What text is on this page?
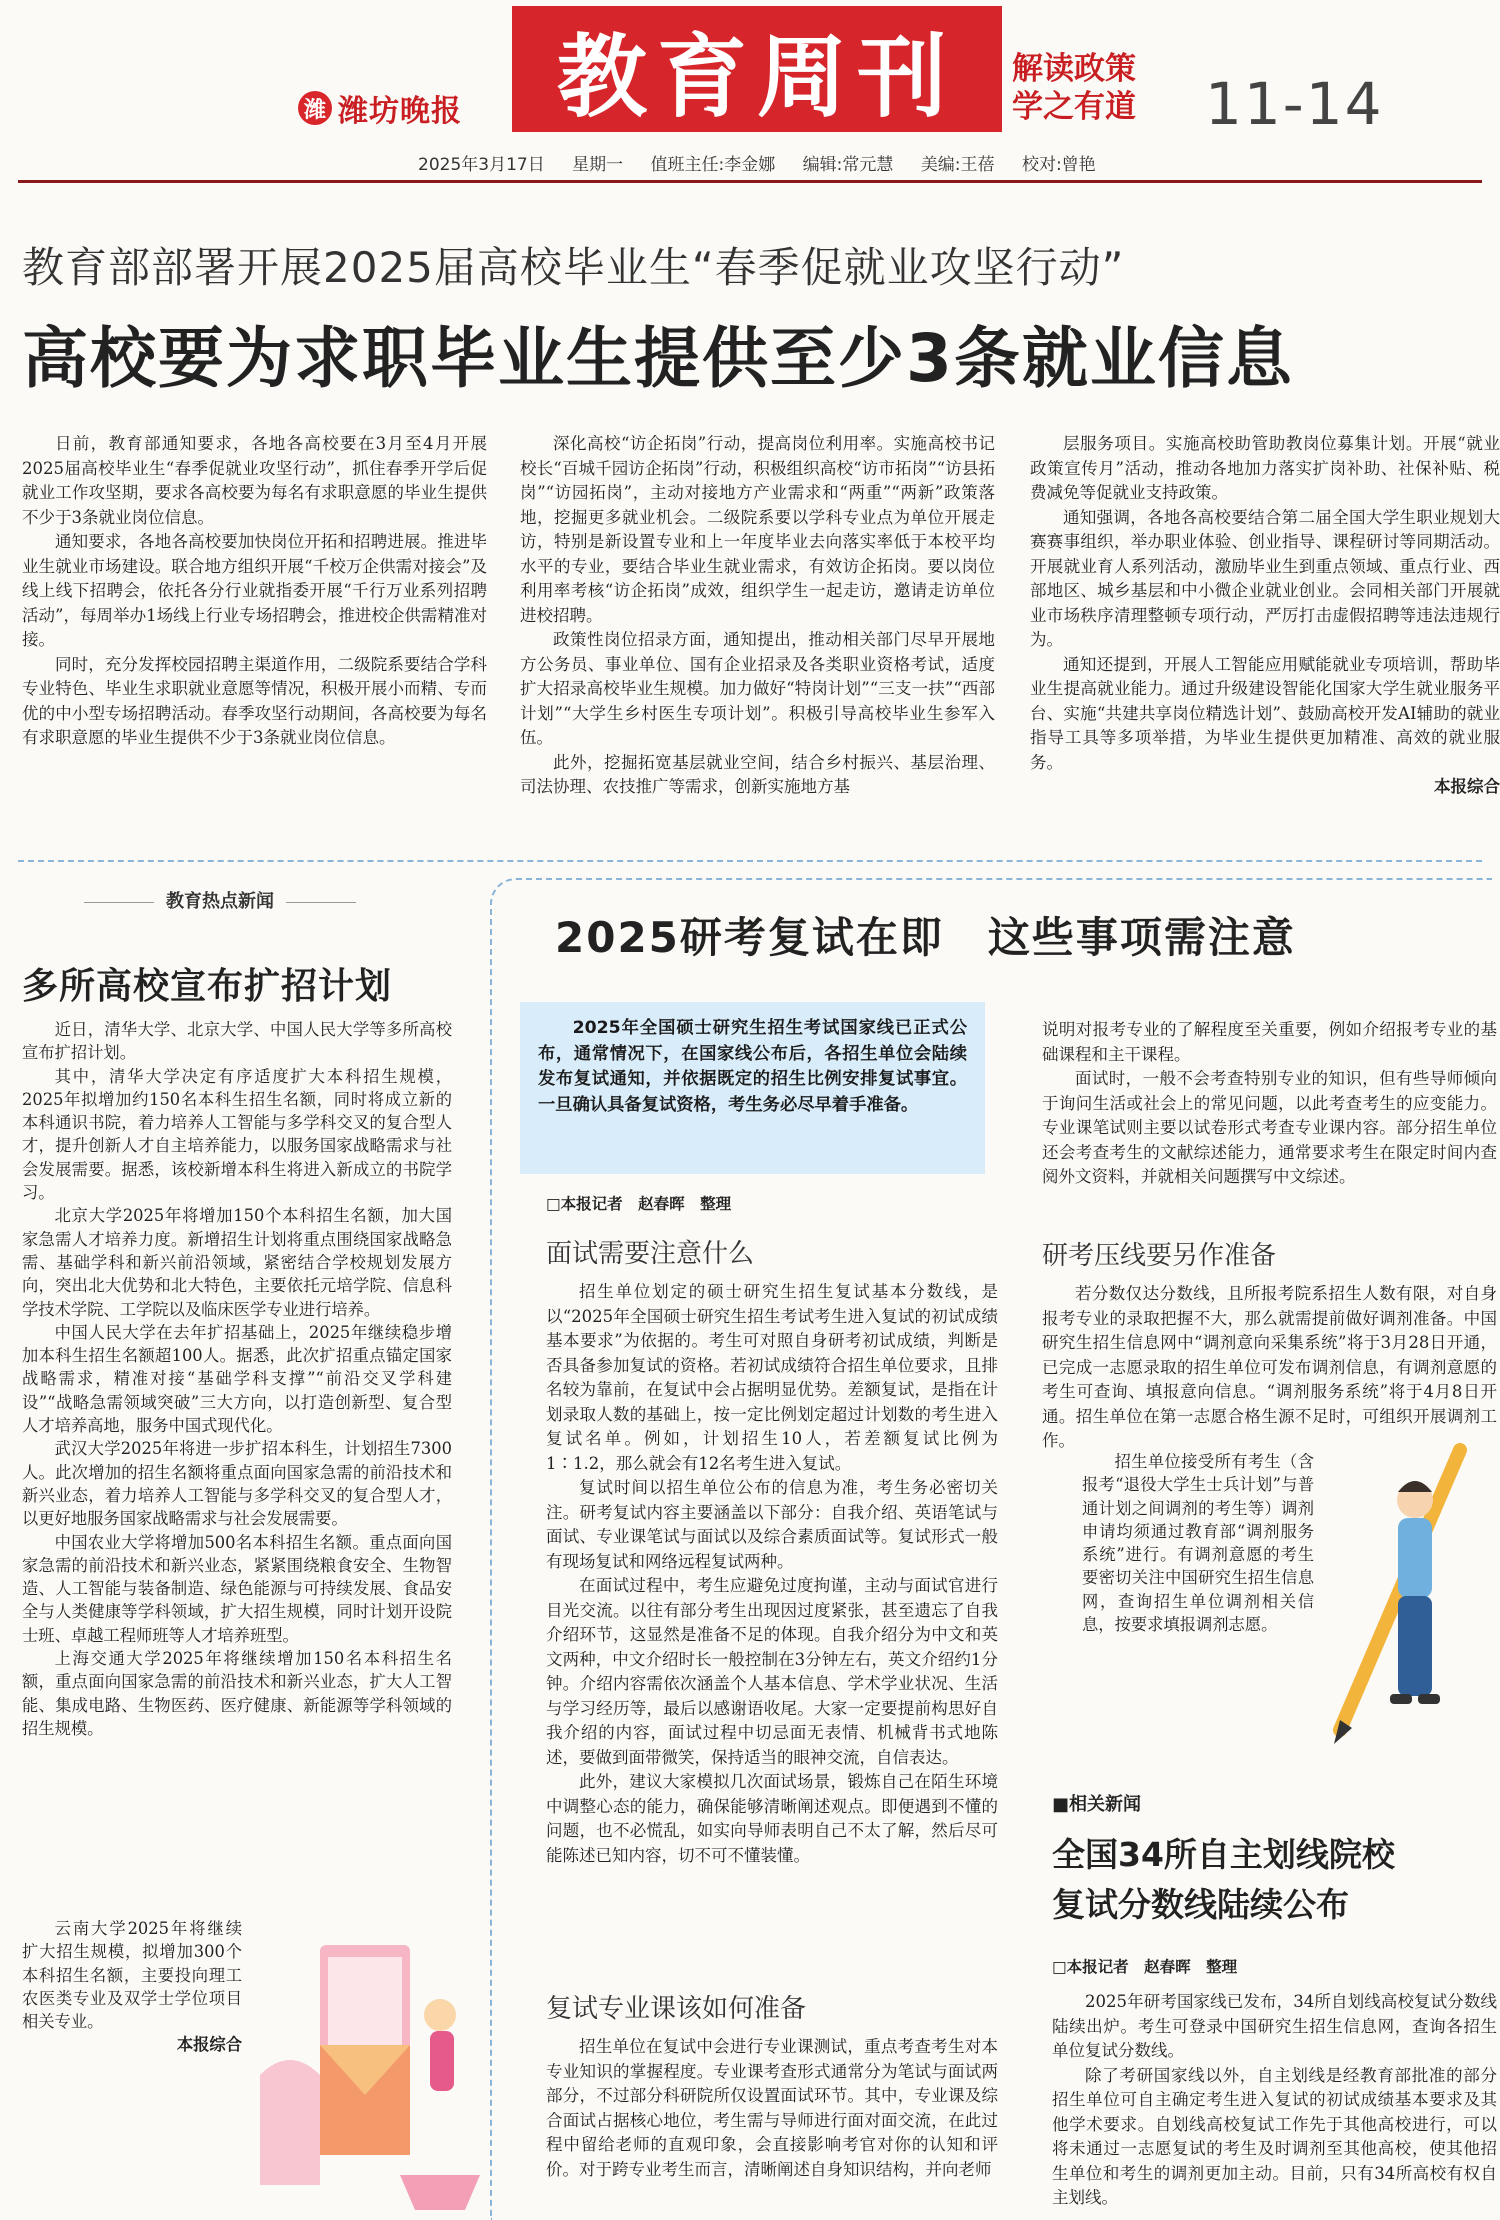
潍 潍坊晚报	教育周刊	解读政策
学之有道 11-14
2025年3月17日 星期一 值班主任:李金娜 编辑:常元慧 美编:王蓓 校对:曾艳
教育部部署开展2025届高校毕业生“春季促就业攻坚行动”
高校要为求职毕业生提供至少3条就业信息

日前，教育部通知要求，各地各高校要在3月至4月开展2025届高校毕业生“春季促就业攻坚行动”，抓住春季开学后促就业工作攻坚期，要求各高校要为每名有求职意愿的毕业生提供不少于3条就业岗位信息。

通知要求，各地各高校要加快岗位开拓和招聘进展。推进毕业生就业市场建设。联合地方组织开展“千校万企供需对接会”及线上线下招聘会，依托各分行业就指委开展“千行万业系列招聘活动”，每周举办1场线上行业专场招聘会，推进校企供需精准对接。

同时，充分发挥校园招聘主渠道作用，二级院系要结合学科专业特色、毕业生求职就业意愿等情况，积极开展小而精、专而优的中小型专场招聘活动。春季攻坚行动期间，各高校要为每名有求职意愿的毕业生提供不少于3条就业岗位信息。

深化高校“访企拓岗”行动，提高岗位利用率。实施高校书记校长“百城千园访企拓岗”行动，积极组织高校“访市拓岗”“访县拓岗”“访园拓岗”，主动对接地方产业需求和“两重”“两新”政策落地，挖掘更多就业机会。二级院系要以学科专业点为单位开展走访，特别是新设置专业和上一年度毕业去向落实率低于本校平均水平的专业，要结合毕业生就业需求，有效访企拓岗。要以岗位利用率考核“访企拓岗”成效，组织学生一起走访，邀请走访单位进校招聘。

政策性岗位招录方面，通知提出，推动相关部门尽早开展地方公务员、事业单位、国有企业招录及各类职业资格考试，适度扩大招录高校毕业生规模。加力做好“特岗计划”“三支一扶”“西部计划”“大学生乡村医生专项计划”。积极引导高校毕业生参军入伍。

此外，挖掘拓宽基层就业空间，结合乡村振兴、基层治理、司法协理、农技推广等需求，创新实施地方基

层服务项目。实施高校助管助教岗位募集计划。开展“就业政策宣传月”活动，推动各地加力落实扩岗补助、社保补贴、税费减免等促就业支持政策。

通知强调，各地各高校要结合第二届全国大学生职业规划大赛赛事组织，举办职业体验、创业指导、课程研讨等同期活动。开展就业育人系列活动，激励毕业生到重点领域、重点行业、西部地区、城乡基层和中小微企业就业创业。会同相关部门开展就业市场秩序清理整顿专项行动，严厉打击虚假招聘等违法违规行为。

通知还提到，开展人工智能应用赋能就业专项培训，帮助毕业生提高就业能力。通过升级建设智能化国家大学生就业服务平台、实施“共建共享岗位精选计划”、鼓励高校开发AI辅助的就业指导工具等多项举措，为毕业生提供更加精准、高效的就业服务。

本报综合
教育热点新闻
多所高校宣布扩招计划

近日，清华大学、北京大学、中国人民大学等多所高校宣布扩招计划。

其中，清华大学决定有序适度扩大本科招生规模，2025年拟增加约150名本科生招生名额，同时将成立新的本科通识书院，着力培养人工智能与多学科交叉的复合型人才，提升创新人才自主培养能力，以服务国家战略需求与社会发展需要。据悉，该校新增本科生将进入新成立的书院学习。

北京大学2025年将增加150个本科招生名额，加大国家急需人才培养力度。新增招生计划将重点围绕国家战略急需、基础学科和新兴前沿领域，紧密结合学校规划发展方向，突出北大优势和北大特色，主要依托元培学院、信息科学技术学院、工学院以及临床医学专业进行培养。

中国人民大学在去年扩招基础上，2025年继续稳步增加本科生招生名额超100人。据悉，此次扩招重点锚定国家战略需求，精准对接“基础学科支撑”“前沿交叉学科建设”“战略急需领域突破”三大方向，以打造创新型、复合型人才培养高地，服务中国式现代化。

武汉大学2025年将进一步扩招本科生，计划招生7300人。此次增加的招生名额将重点面向国家急需的前沿技术和新兴业态，着力培养人工智能与多学科交叉的复合型人才，以更好地服务国家战略需求与社会发展需要。

中国农业大学将增加500名本科招生名额。重点面向国家急需的前沿技术和新兴业态，紧紧围绕粮食安全、生物智造、人工智能与装备制造、绿色能源与可持续发展、食品安全与人类健康等学科领域，扩大招生规模，同时计划开设院士班、卓越工程师班等人才培养班型。

上海交通大学2025年将继续增加150名本科招生名额，重点面向国家急需的前沿技术和新兴业态，扩大人工智能、集成电路、生物医药、医疗健康、新能源等学科领域的招生规模。

云南大学2025年将继续扩大招生规模，拟增加300个本科招生名额，主要投向理工农医类专业及双学士学位项目相关专业。

本报综合
2025研考复试在即　这些事项需注意

2025年全国硕士研究生招生考试国家线已正式公布，通常情况下，在国家线公布后，各招生单位会陆续发布复试通知，并依据既定的招生比例安排复试事宜。一旦确认具备复试资格，考生务必尽早着手准备。

□本报记者　赵春晖　整理
面试需要注意什么

招生单位划定的硕士研究生招生复试基本分数线，是以“2025年全国硕士研究生招生考试考生进入复试的初试成绩基本要求”为依据的。考生可对照自身研考初试成绩，判断是否具备参加复试的资格。若初试成绩符合招生单位要求，且排名较为靠前，在复试中会占据明显优势。差额复试，是指在计划录取人数的基础上，按一定比例划定超过计划数的考生进入复试名单。例如，计划招生10人，若差额复试比例为1∶1.2，那么就会有12名考生进入复试。

复试时间以招生单位公布的信息为准，考生务必密切关注。研考复试内容主要涵盖以下部分：自我介绍、英语笔试与面试、专业课笔试与面试以及综合素质面试等。复试形式一般有现场复试和网络远程复试两种。

在面试过程中，考生应避免过度拘谨，主动与面试官进行目光交流。以往有部分考生出现因过度紧张，甚至遗忘了自我介绍环节，这显然是准备不足的体现。自我介绍分为中文和英文两种，中文介绍时长一般控制在3分钟左右，英文介绍约1分钟。介绍内容需依次涵盖个人基本信息、学术学业状况、生活与学习经历等，最后以感谢语收尾。大家一定要提前构思好自我介绍的内容，面试过程中切忌面无表情、机械背书式地陈述，要做到面带微笑，保持适当的眼神交流，自信表达。

此外，建议大家模拟几次面试场景，锻炼自己在陌生环境中调整心态的能力，确保能够清晰阐述观点。即便遇到不懂的问题，也不必慌乱，如实向导师表明自己不太了解，然后尽可能陈述已知内容，切不可不懂装懂。

复试专业课该如何准备

招生单位在复试中会进行专业课测试，重点考查考生对本专业知识的掌握程度。专业课考查形式通常分为笔试与面试两部分，不过部分科研院所仅设置面试环节。其中，专业课及综合面试占据核心地位，考生需与导师进行面对面交流，在此过程中留给老师的直观印象，会直接影响考官对你的认知和评价。对于跨专业考生而言，清晰阐述自身知识结构，并向老师

说明对报考专业的了解程度至关重要，例如介绍报考专业的基础课程和主干课程。

面试时，一般不会考查特别专业的知识，但有些导师倾向于询问生活或社会上的常见问题，以此考查考生的应变能力。专业课笔试则主要以试卷形式考查专业课内容。部分招生单位还会考查考生的文献综述能力，通常要求考生在限定时间内查阅外文资料，并就相关问题撰写中文综述。

研考压线要另作准备

若分数仅达分数线，且所报考院系招生人数有限，对自身报考专业的录取把握不大，那么就需提前做好调剂准备。中国研究生招生信息网中“调剂意向采集系统”将于3月28日开通，已完成一志愿录取的招生单位可发布调剂信息，有调剂意愿的考生可查询、填报意向信息。“调剂服务系统”将于4月8日开通。招生单位在第一志愿合格生源不足时，可组织开展调剂工作。

招生单位接受所有考生（含报考“退役大学生士兵计划”与普通计划之间调剂的考生等）调剂申请均须通过教育部“调剂服务系统”进行。有调剂意愿的考生要密切关注中国研究生招生信息网，查询招生单位调剂相关信息，按要求填报调剂志愿。

■相关新闻
全国34所自主划线院校
复试分数线陆续公布
□本报记者　赵春晖　整理

2025年研考国家线已发布，34所自划线高校复试分数线陆续出炉。考生可登录中国研究生招生信息网，查询各招生单位复试分数线。

除了考研国家线以外，自主划线是经教育部批准的部分招生单位可自主确定考生进入复试的初试成绩基本要求及其他学术要求。自划线高校复试工作先于其他高校进行，可以将未通过一志愿复试的考生及时调剂至其他高校，使其他招生单位和考生的调剂更加主动。目前，只有34所高校有权自主划线。
